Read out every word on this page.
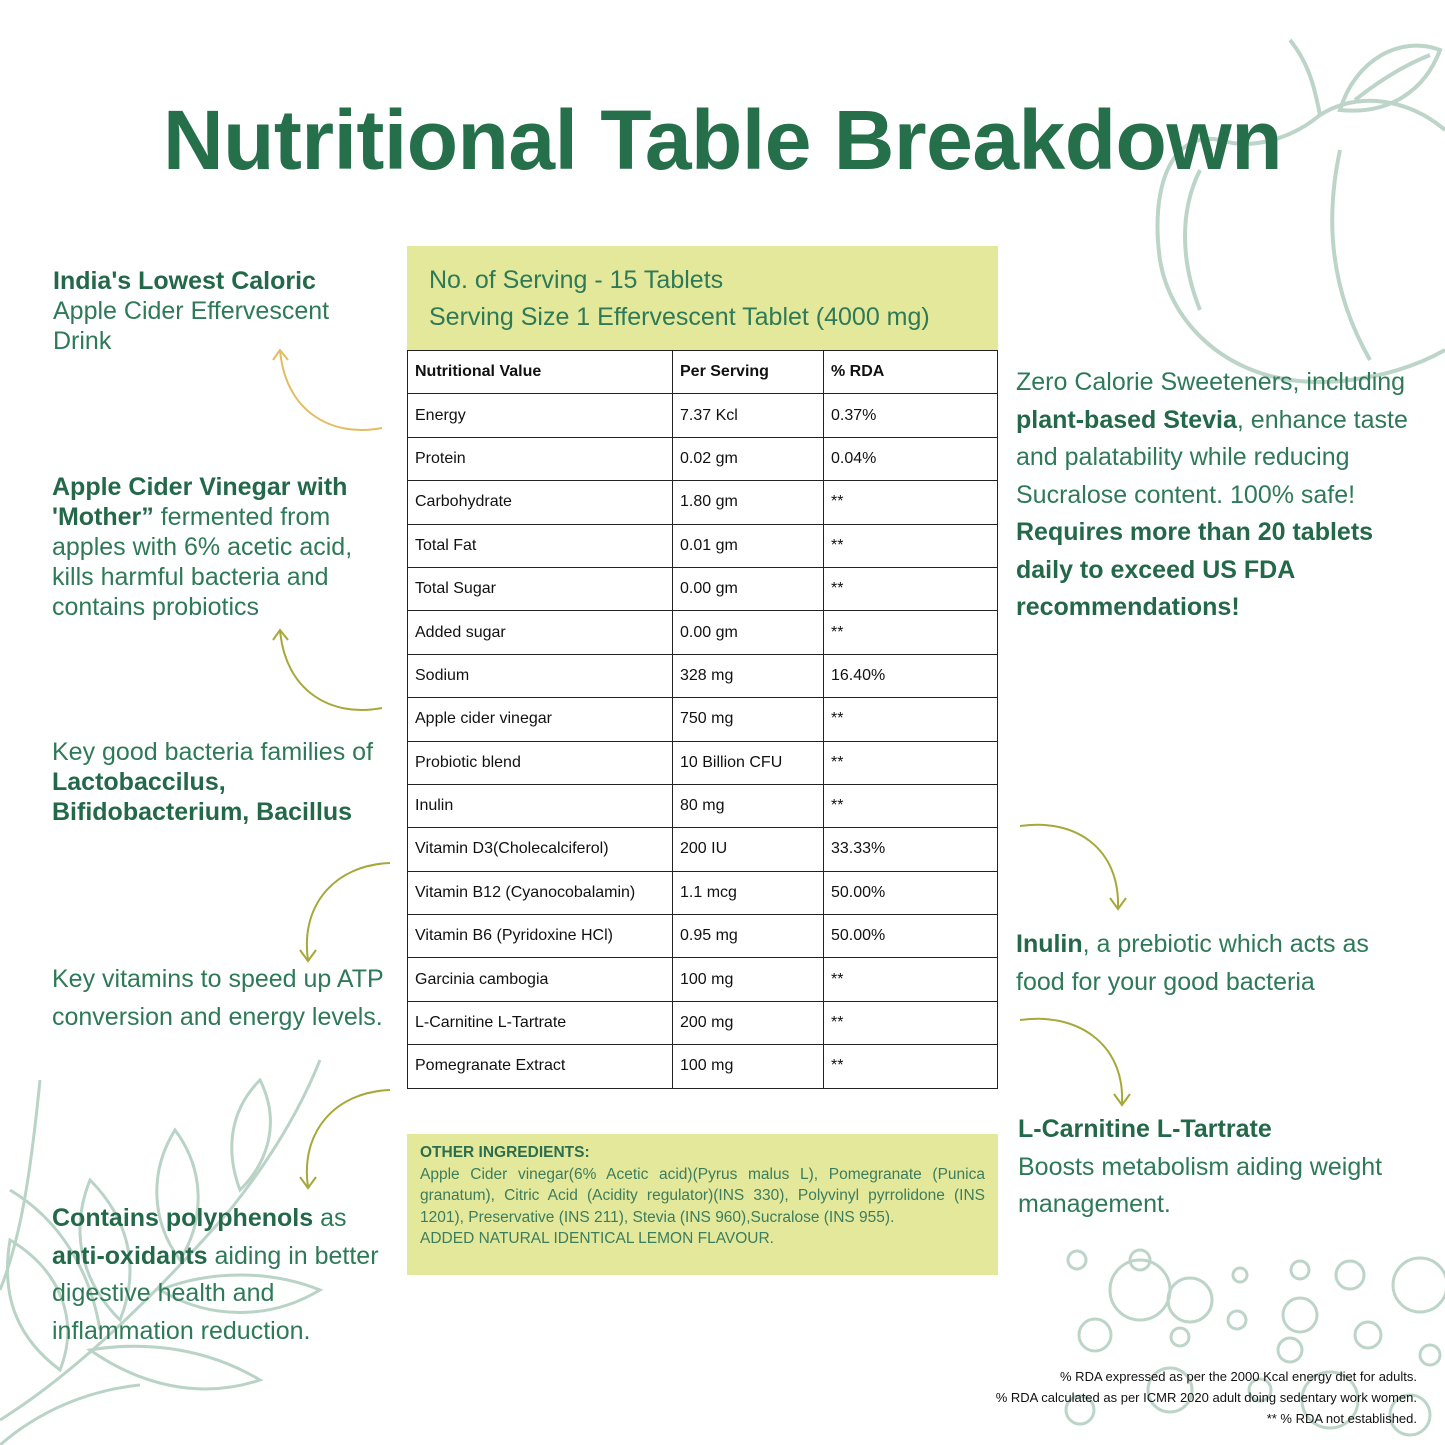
Nutritional Table Breakdown
India's Lowest Caloric
Apple Cider Effervescent Drink
Apple Cider Vinegar with 'Mother” fermented from apples with 6% acetic acid, kills harmful bacteria and contains probiotics
Key good bacteria families of Lactobaccilus, Bifidobacterium, Bacillus
Key vitamins to speed up ATP conversion and energy levels.
Contains polyphenols as anti-oxidants aiding in better digestive health and inflammation reduction.
Zero Calorie Sweeteners, including plant-based Stevia, enhance taste and palatability while reducing Sucralose content. 100% safe! Requires more than 20 tablets daily to exceed US FDA recommendations!
Inulin, a prebiotic which acts as food for your good bacteria
L-Carnitine L-Tartrate
Boosts metabolism aiding weight management.
No. of Serving - 15 Tablets
Serving Size 1 Effervescent Tablet (4000 mg)
Nutritional Value	Per Serving	% RDA
Energy	7.37 Kcl	0.37%
Protein	0.02 gm	0.04%
Carbohydrate	1.80 gm	**
Total Fat	0.01 gm	**
Total Sugar	0.00 gm	**
Added sugar	0.00 gm	**
Sodium	328 mg	16.40%
Apple cider vinegar	750 mg	**
Probiotic blend	10 Billion CFU	**
Inulin	80 mg	**
Vitamin D3(Cholecalciferol)	200 IU	33.33%
Vitamin B12 (Cyanocobalamin)	1.1 mcg	50.00%
Vitamin B6 (Pyridoxine HCl)	0.95 mg	50.00%
Garcinia cambogia	100 mg	**
L-Carnitine L-Tartrate	200 mg	**
Pomegranate Extract	100 mg	**
OTHER INGREDIENTS:
Apple Cider vinegar(6% Acetic acid)(Pyrus malus L), Pomegranate (Punica granatum), Citric Acid (Acidity regulator)(INS 330), Polyvinyl pyrrolidone (INS 1201), Preservative (INS 211), Stevia (INS 960),Sucralose (INS 955).
ADDED NATURAL IDENTICAL LEMON FLAVOUR.
% RDA expressed as per the 2000 Kcal energy diet for adults.
% RDA calculated as per ICMR 2020 adult doing sedentary work women.
** % RDA not established.
